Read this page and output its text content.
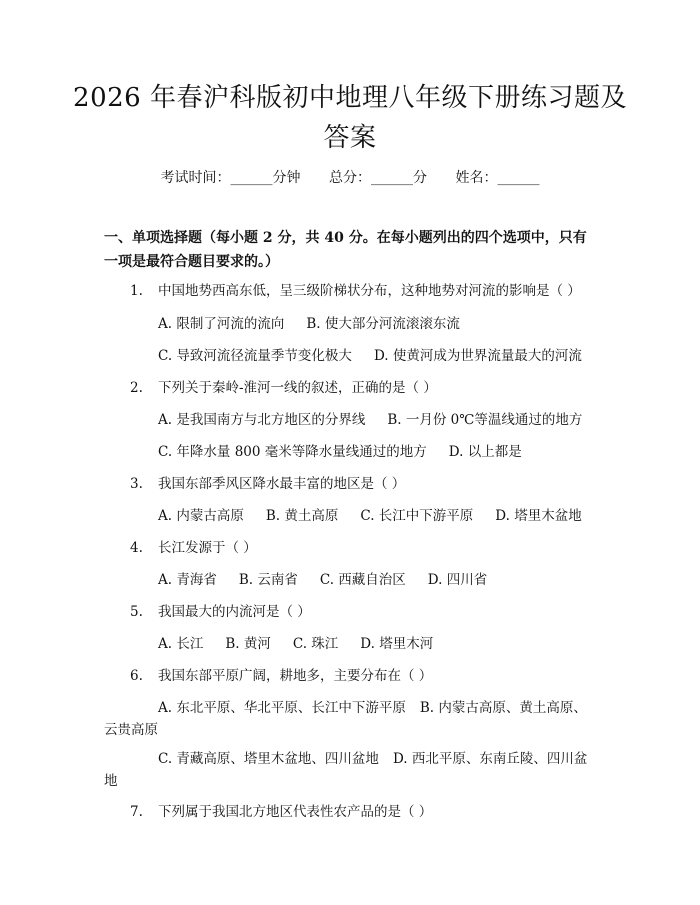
2026 年春沪科版初中地理八年级下册练习题及答案
考试时间：______分钟 总分：______分 姓名：______
一、单项选择题（每小题 2 分，共 40 分。在每小题列出的四个选项中，只有一项是最符合题目要求的。）
1. 中国地势西高东低，呈三级阶梯状分布，这种地势对河流的影响是（ ）
A. 限制了河流的流向 B. 使大部分河流滚滚东流
C. 导致河流径流量季节变化极大 D. 使黄河成为世界流量最大的河流
2. 下列关于秦岭-淮河一线的叙述，正确的是（ ）
A. 是我国南方与北方地区的分界线 B. 一月份 0℃等温线通过的地方
C. 年降水量 800 毫米等降水量线通过的地方 D. 以上都是
3. 我国东部季风区降水最丰富的地区是（ ）
A. 内蒙古高原 B. 黄土高原 C. 长江中下游平原 D. 塔里木盆地
4. 长江发源于（ ）
A. 青海省 B. 云南省 C. 西藏自治区 D. 四川省
5. 我国最大的内流河是（ ）
A. 长江 B. 黄河 C. 珠江 D. 塔里木河
6. 我国东部平原广阔，耕地多，主要分布在（ ）
A. 东北平原、华北平原、长江中下游平原 B. 内蒙古高原、黄土高原、云贵高原
C. 青藏高原、塔里木盆地、四川盆地 D. 西北平原、东南丘陵、四川盆地
7. 下列属于我国北方地区代表性农产品的是（ ）
